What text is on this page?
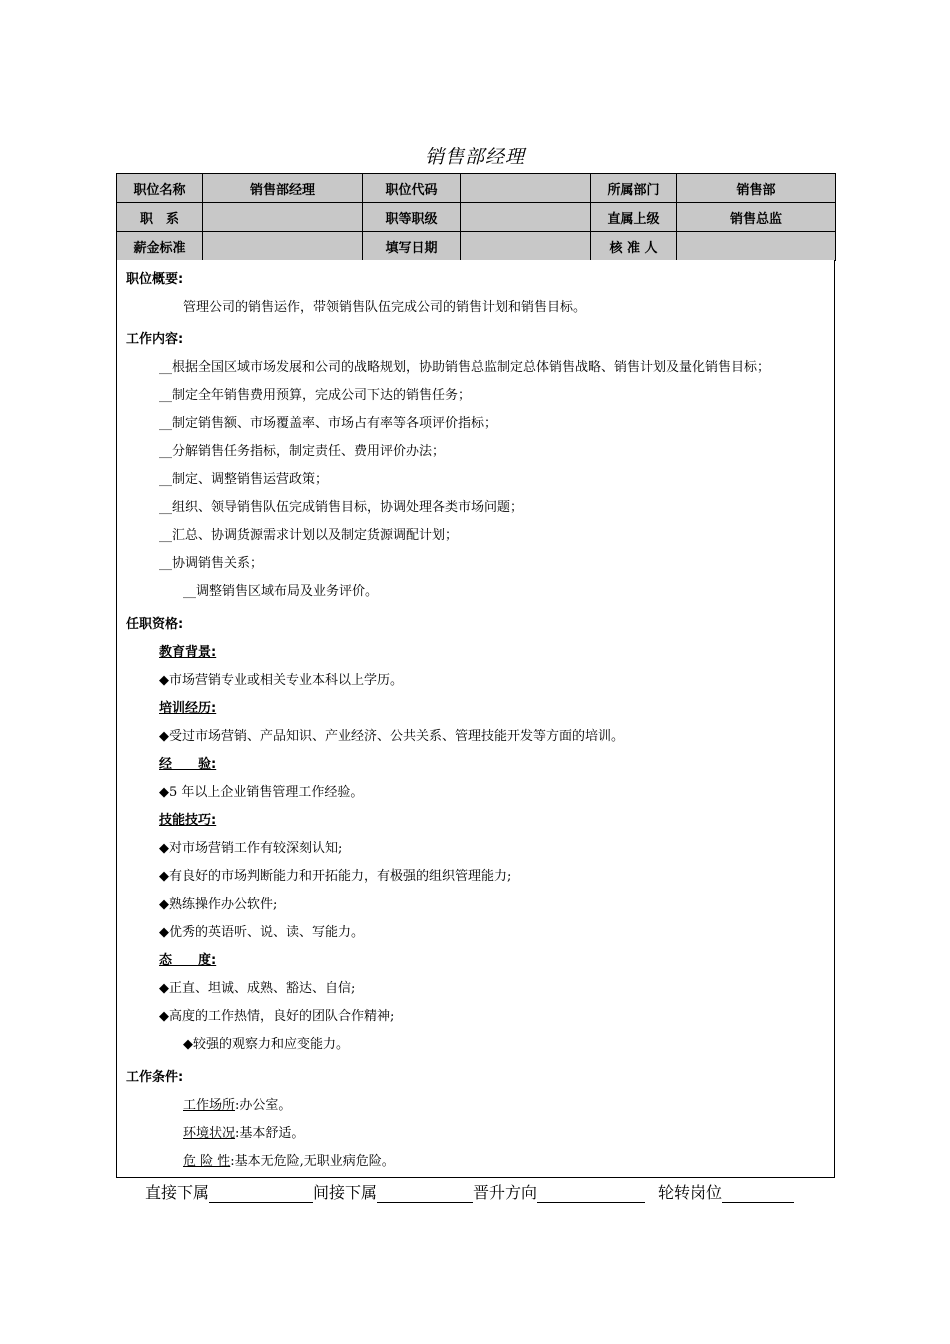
销售部经理
职位名称	销售部经理	职位代码		所属部门	销售部
职　系		职等职级		直属上级	销售总监
薪金标准		填写日期		核 准 人	
职位概要:
管理公司的销售运作，带领销售队伍完成公司的销售计划和销售目标。
工作内容:
__根据全国区域市场发展和公司的战略规划，协助销售总监制定总体销售战略、销售计划及量化销售目标；
__制定全年销售费用预算，完成公司下达的销售任务；
__制定销售额、市场覆盖率、市场占有率等各项评价指标；
__分解销售任务指标，制定责任、费用评价办法；
__制定、调整销售运营政策；
__组织、领导销售队伍完成销售目标，协调处理各类市场问题；
__汇总、协调货源需求计划以及制定货源调配计划；
__协调销售关系；
__调整销售区域布局及业务评价。
任职资格:
教育背景:
◆市场营销专业或相关专业本科以上学历。
培训经历:
◆受过市场营销、产品知识、产业经济、公共关系、管理技能开发等方面的培训。
经　　验:
◆5 年以上企业销售管理工作经验。
技能技巧:
◆对市场营销工作有较深刻认知;
◆有良好的市场判断能力和开拓能力，有极强的组织管理能力;
◆熟练操作办公软件;
◆优秀的英语听、说、读、写能力。
态　　度:
◆正直、坦诚、成熟、豁达、自信;
◆高度的工作热情，良好的团队合作精神;
◆较强的观察力和应变能力。
工作条件:
工作场所:办公室。
环境状况:基本舒适。
危 险 性:基本无危险,无职业病危险。
直接下属	间接下属	晋升方向	轮转岗位
